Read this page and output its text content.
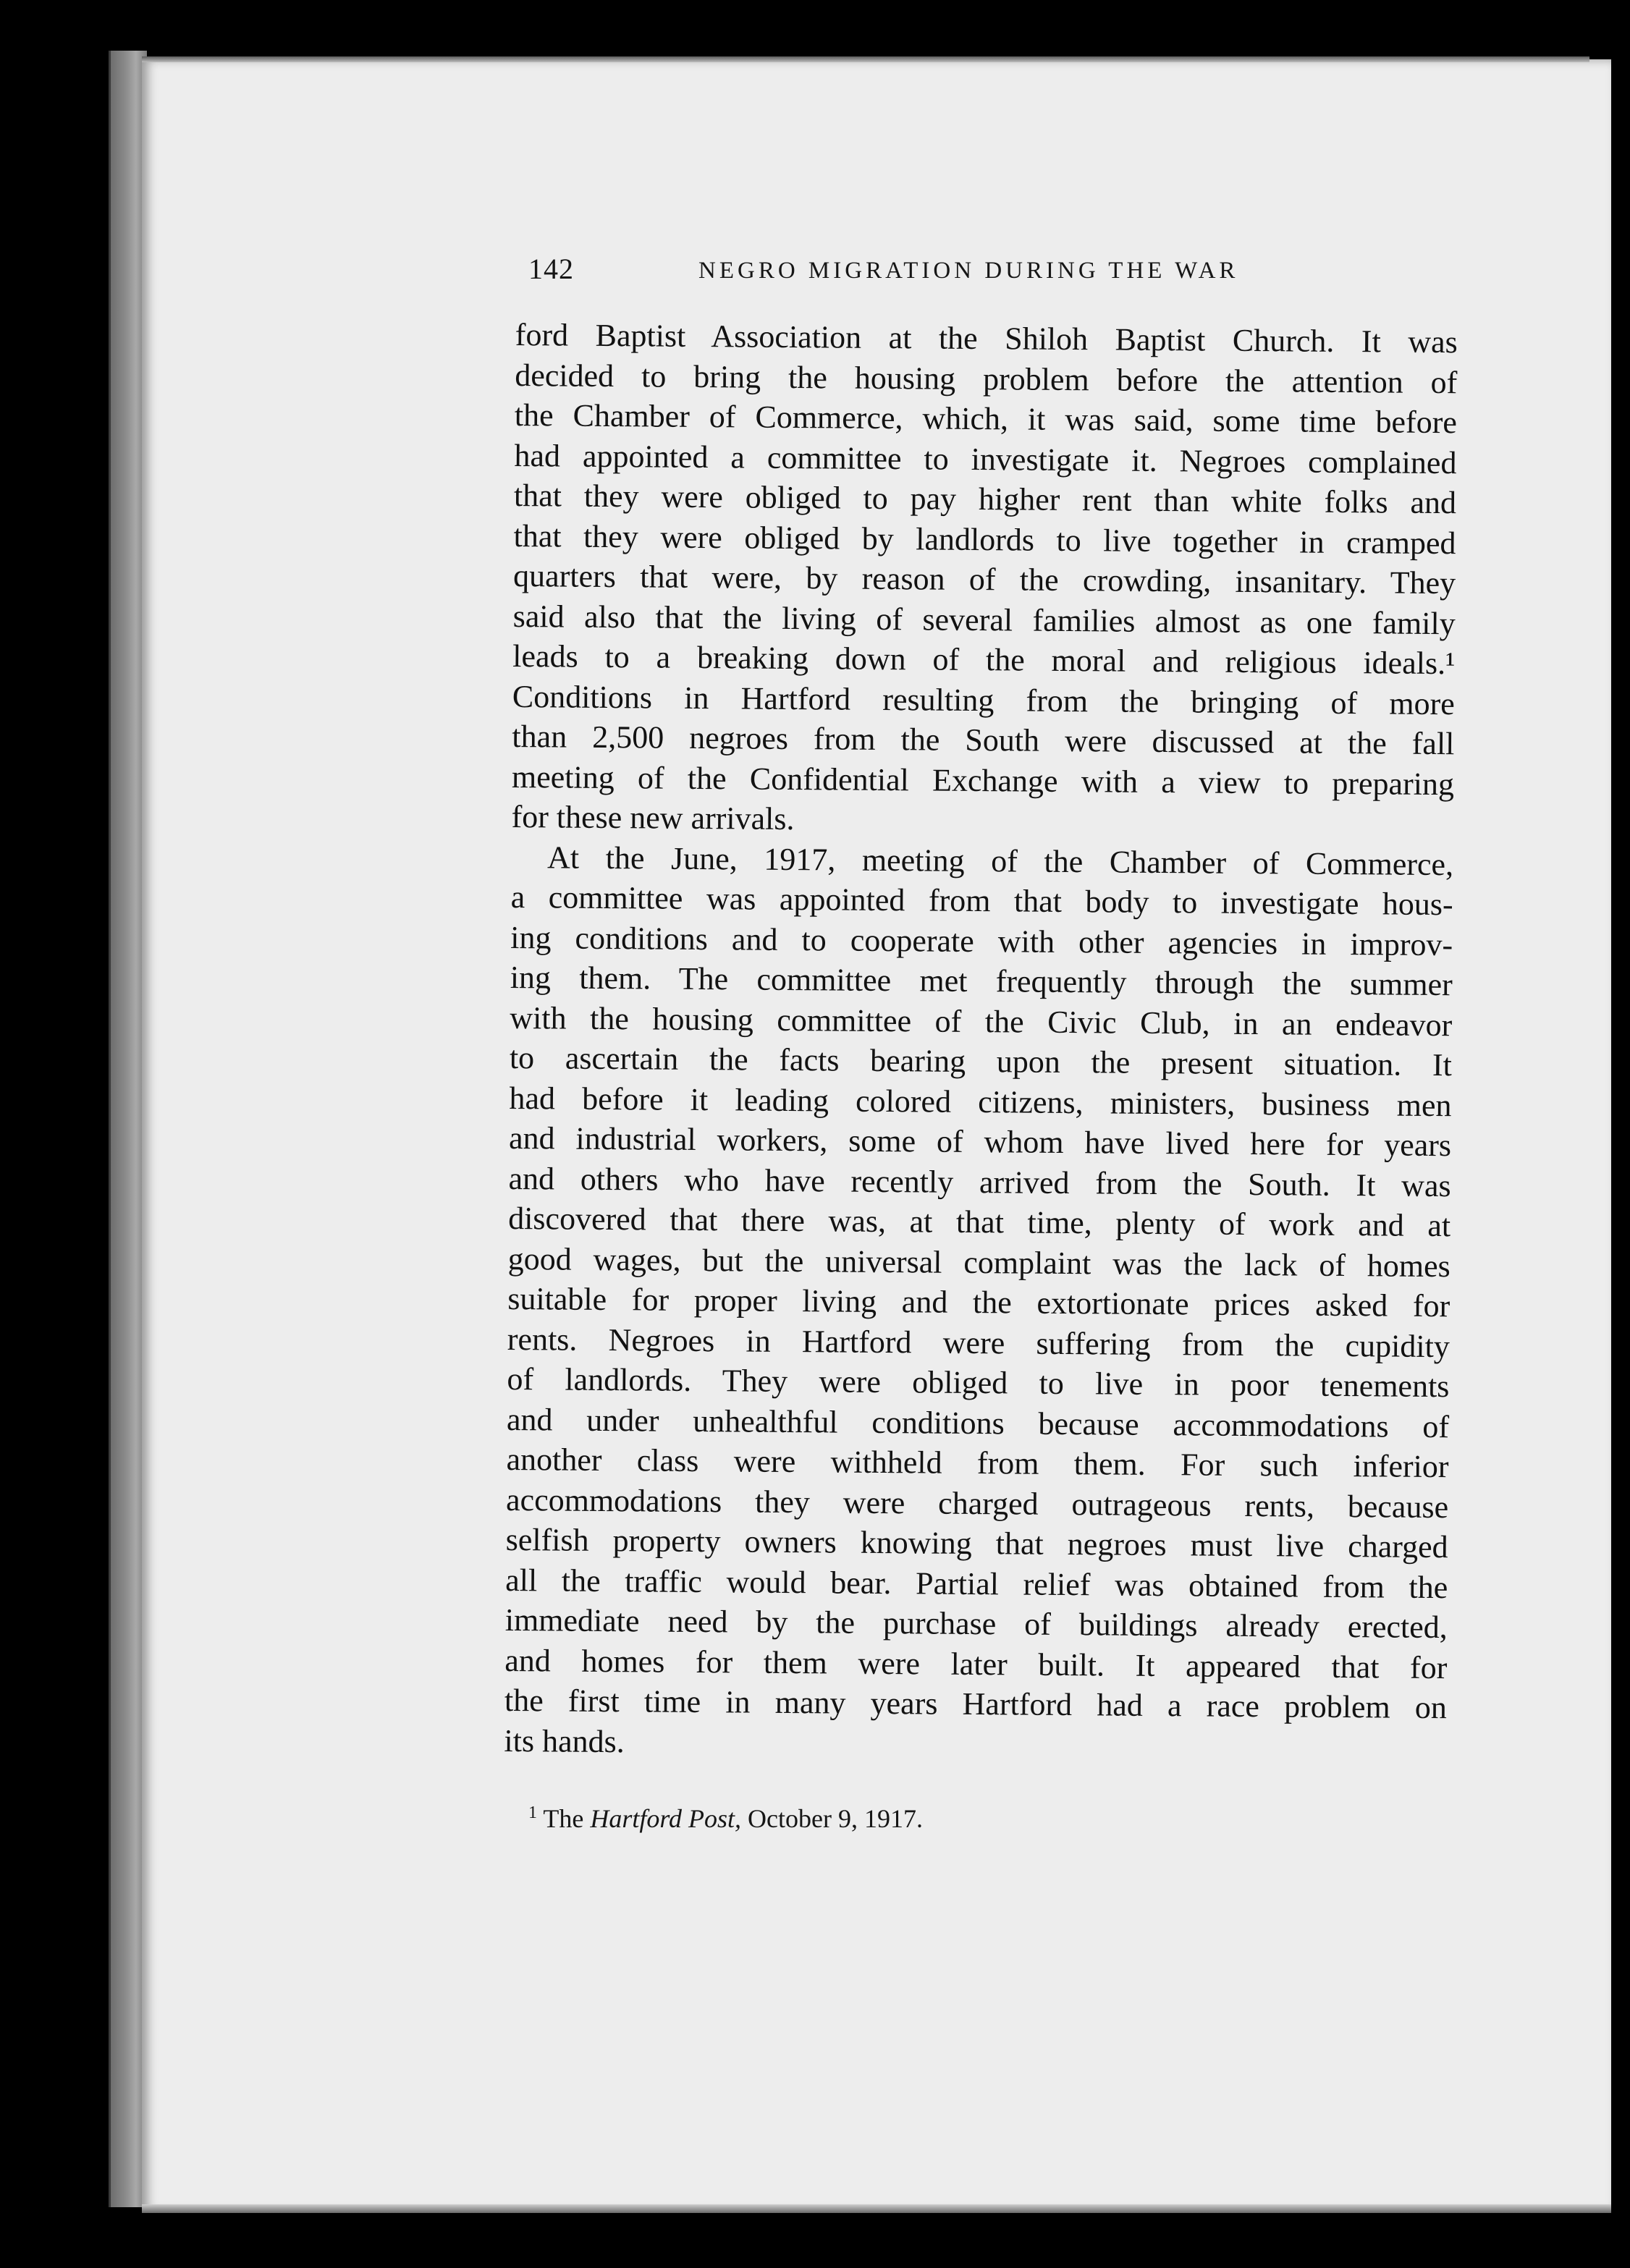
142	NEGRO MIGRATION DURING THE WAR
ford Baptist Association at the Shiloh Baptist Church. It was
decided to bring the housing problem before the attention of
the Chamber of Commerce, which, it was said, some time before
had appointed a committee to investigate it. Negroes complained
that they were obliged to pay higher rent than white folks and
that they were obliged by landlords to live together in cramped
quarters that were, by reason of the crowding, insanitary. They
said also that the living of several families almost as one family
leads to a breaking down of the moral and religious ideals.¹
Conditions in Hartford resulting from the bringing of more
than 2,500 negroes from the South were discussed at the fall
meeting of the Confidential Exchange with a view to preparing
for these new arrivals.
At the June, 1917, meeting of the Chamber of Commerce,
a committee was appointed from that body to investigate hous-
ing conditions and to cooperate with other agencies in improv-
ing them. The committee met frequently through the summer
with the housing committee of the Civic Club, in an endeavor
to ascertain the facts bearing upon the present situation. It
had before it leading colored citizens, ministers, business men
and industrial workers, some of whom have lived here for years
and others who have recently arrived from the South. It was
discovered that there was, at that time, plenty of work and at
good wages, but the universal complaint was the lack of homes
suitable for proper living and the extortionate prices asked for
rents. Negroes in Hartford were suffering from the cupidity
of landlords. They were obliged to live in poor tenements
and under unhealthful conditions because accommodations of
another class were withheld from them. For such inferior
accommodations they were charged outrageous rents, because
selfish property owners knowing that negroes must live charged
all the traffic would bear. Partial relief was obtained from the
immediate need by the purchase of buildings already erected,
and homes for them were later built. It appeared that for
the first time in many years Hartford had a race problem on
its hands.
$^1$ The Hartford Post, October 9, 1917.
